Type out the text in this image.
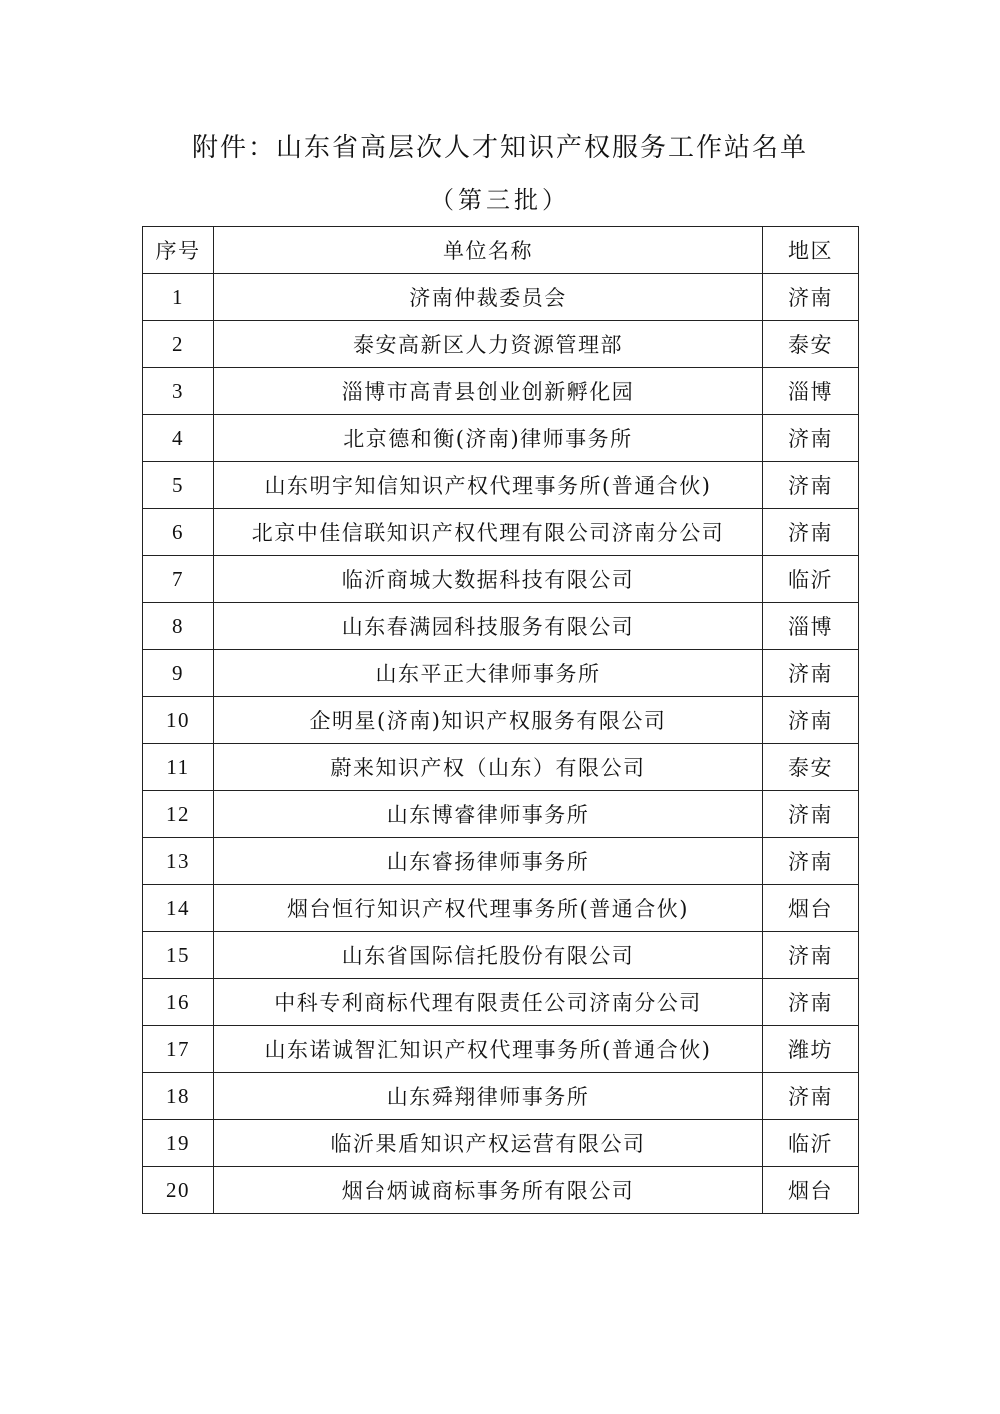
附件：山东省高层次人才知识产权服务工作站名单
（第三批）
序号	单位名称	地区
1	济南仲裁委员会	济南
2	泰安高新区人力资源管理部	泰安
3	淄博市高青县创业创新孵化园	淄博
4	北京德和衡(济南)律师事务所	济南
5	山东明宇知信知识产权代理事务所(普通合伙)	济南
6	北京中佳信联知识产权代理有限公司济南分公司	济南
7	临沂商城大数据科技有限公司	临沂
8	山东春满园科技服务有限公司	淄博
9	山东平正大律师事务所	济南
10	企明星(济南)知识产权服务有限公司	济南
11	蔚来知识产权（山东）有限公司	泰安
12	山东博睿律师事务所	济南
13	山东睿扬律师事务所	济南
14	烟台恒行知识产权代理事务所(普通合伙)	烟台
15	山东省国际信托股份有限公司	济南
16	中科专利商标代理有限责任公司济南分公司	济南
17	山东诺诚智汇知识产权代理事务所(普通合伙)	潍坊
18	山东舜翔律师事务所	济南
19	临沂果盾知识产权运营有限公司	临沂
20	烟台炳诚商标事务所有限公司	烟台
